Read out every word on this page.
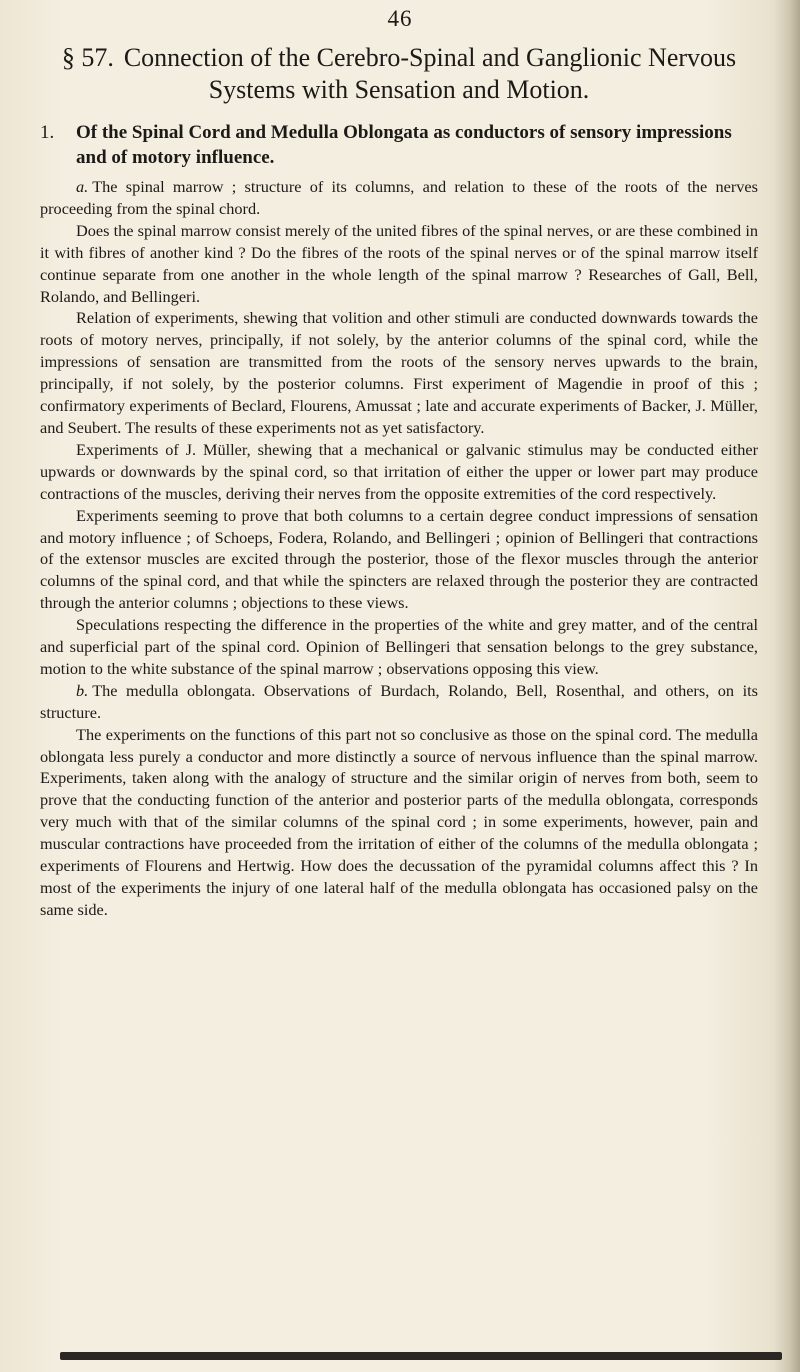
46
§ 57. Connection of the Cerebro-Spinal and Ganglionic Nervous Systems with Sensation and Motion.
1. Of the Spinal Cord and Medulla Oblongata as conductors of sensory impressions and of motory influence.

a. The spinal marrow ; structure of its columns, and relation to these of the roots of the nerves proceeding from the spinal chord.

Does the spinal marrow consist merely of the united fibres of the spinal nerves, or are these combined in it with fibres of another kind ? Do the fibres of the roots of the spinal nerves or of the spinal marrow itself continue separate from one another in the whole length of the spinal marrow ? Researches of Gall, Bell, Rolando, and Bellingeri.

Relation of experiments, shewing that volition and other stimuli are conducted downwards towards the roots of motory nerves, principally, if not solely, by the anterior columns of the spinal cord, while the impressions of sensation are transmitted from the roots of the sensory nerves upwards to the brain, principally, if not solely, by the posterior columns. First experiment of Magendie in proof of this ; confirmatory experiments of Beclard, Flourens, Amussat ; late and accurate experiments of Backer, J. Müller, and Seubert. The results of these experiments not as yet satisfactory.

Experiments of J. Müller, shewing that a mechanical or galvanic stimulus may be conducted either upwards or downwards by the spinal cord, so that irritation of either the upper or lower part may produce contractions of the muscles, deriving their nerves from the opposite extremities of the cord respectively.

Experiments seeming to prove that both columns to a certain degree conduct impressions of sensation and motory influence ; of Schoeps, Fodera, Rolando, and Bellingeri ; opinion of Bellingeri that contractions of the extensor muscles are excited through the posterior, those of the flexor muscles through the anterior columns of the spinal cord, and that while the spincters are relaxed through the posterior they are contracted through the anterior columns ; objections to these views.

Speculations respecting the difference in the properties of the white and grey matter, and of the central and superficial part of the spinal cord. Opinion of Bellingeri that sensation belongs to the grey substance, motion to the white substance of the spinal marrow ; observations opposing this view.

b. The medulla oblongata. Observations of Burdach, Rolando, Bell, Rosenthal, and others, on its structure.

The experiments on the functions of this part not so conclusive as those on the spinal cord. The medulla oblongata less purely a conductor and more distinctly a source of nervous influence than the spinal marrow. Experiments, taken along with the analogy of structure and the similar origin of nerves from both, seem to prove that the conducting function of the anterior and posterior parts of the medulla oblongata, corresponds very much with that of the similar columns of the spinal cord ; in some experiments, however, pain and muscular contractions have proceeded from the irritation of either of the columns of the medulla oblongata ; experiments of Flourens and Hertwig. How does the decussation of the pyramidal columns affect this ? In most of the experiments the injury of one lateral half of the medulla oblongata has occasioned palsy on the same side.
